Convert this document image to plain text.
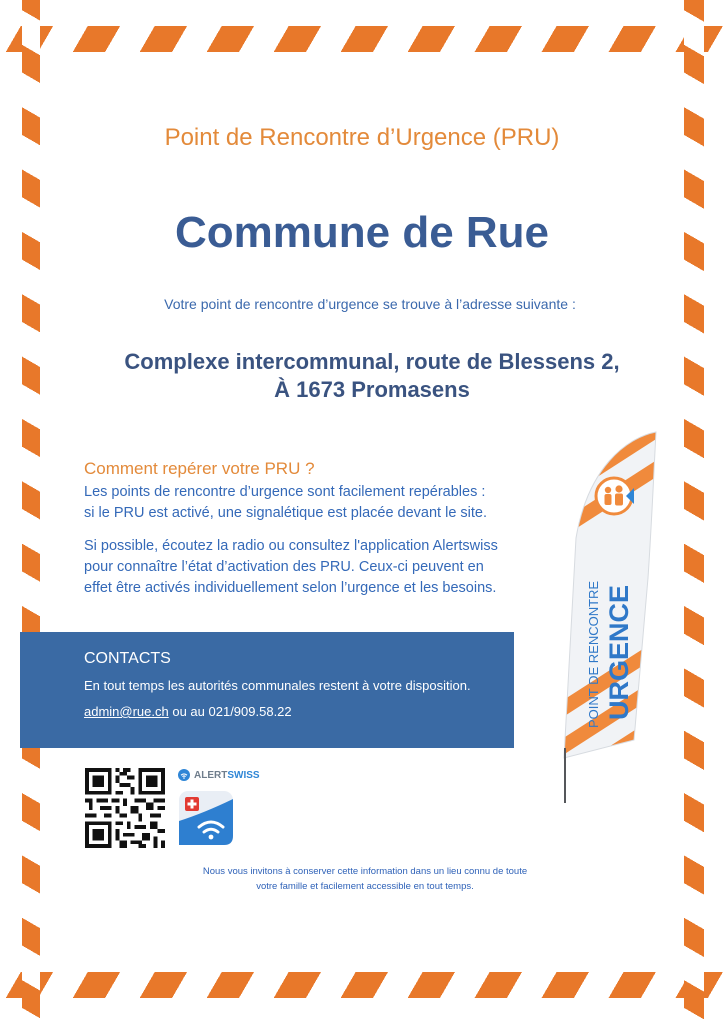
Point de Rencontre d’Urgence (PRU)
Commune de Rue
Votre point de rencontre d’urgence se trouve à l’adresse suivante :
Complexe intercommunal, route de Blessens 2,
À 1673 Promasens
Comment repérer votre PRU ?
Les points de rencontre d’urgence sont facilement repérables :
si le PRU est activé, une signalétique est placée devant le site.
Si possible, écoutez la radio ou consultez l'application Alertswiss
pour connaître l’état d’activation des PRU. Ceux-ci peuvent en
effet être activés individuellement selon l’urgence et les besoins.
CONTACTS
En tout temps les autorités communales restent à votre disposition.
admin@rue.ch ou au 021/909.58.22
ALERT SWISS
Nous vous invitons à conserver cette information dans un lieu connu de toute
votre famille et facilement accessible en tout temps.
POINT DE RENCONTRE URGENCE
